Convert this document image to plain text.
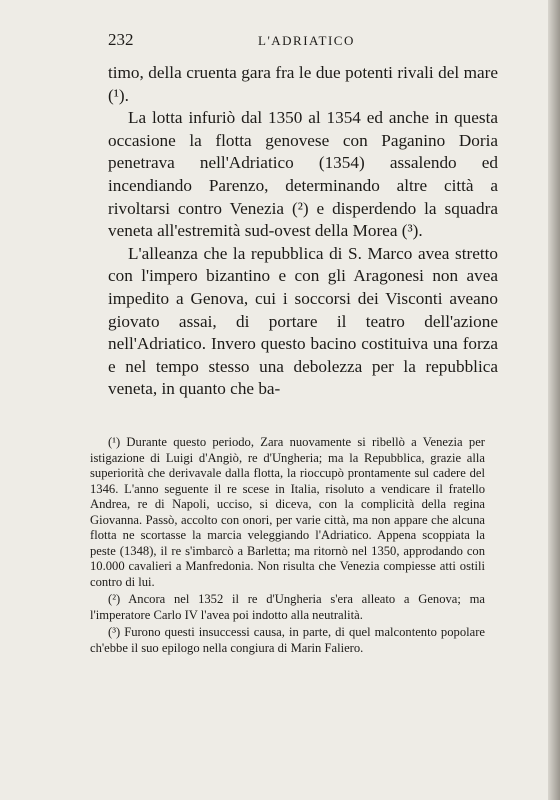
232	L'ADRIATICO

timo, della cruenta gara fra le due potenti rivali del mare (¹).

La lotta infuriò dal 1350 al 1354 ed anche in questa occasione la flotta genovese con Paganino Doria penetrava nell'Adriatico (1354) assalendo ed incendiando Parenzo, determinando altre città a rivoltarsi contro Venezia (²) e disperdendo la squadra veneta all'estremità sud-ovest della Morea (³).

L'alleanza che la repubblica di S. Marco avea stretto con l'impero bizantino e con gli Aragonesi non avea impedito a Genova, cui i soccorsi dei Visconti aveano giovato assai, di portare il teatro dell'azione nell'Adriatico. Invero questo bacino costituiva una forza e nel tempo stesso una debolezza per la repubblica veneta, in quanto che ba-

(¹) Durante questo periodo, Zara nuovamente si ribellò a Venezia per istigazione di Luigi d'Angiò, re d'Ungheria; ma la Repubblica, grazie alla superiorità che derivavale dalla flotta, la rioccupò prontamente sul cadere del 1346. L'anno seguente il re scese in Italia, risoluto a vendicare il fratello Andrea, re di Napoli, ucciso, si diceva, con la complicità della regina Giovanna. Passò, accolto con onori, per varie città, ma non appare che alcuna flotta ne scortasse la marcia veleggiando l'Adriatico. Appena scoppiata la peste (1348), il re s'imbarcò a Barletta; ma ritornò nel 1350, approdando con 10.000 cavalieri a Manfredonia. Non risulta che Venezia compiesse atti ostili contro di lui.

(²) Ancora nel 1352 il re d'Ungheria s'era alleato a Genova; ma l'imperatore Carlo IV l'avea poi indotto alla neutralità.

(³) Furono questi insuccessi causa, in parte, di quel malcontento popolare ch'ebbe il suo epilogo nella congiura di Marin Faliero.
